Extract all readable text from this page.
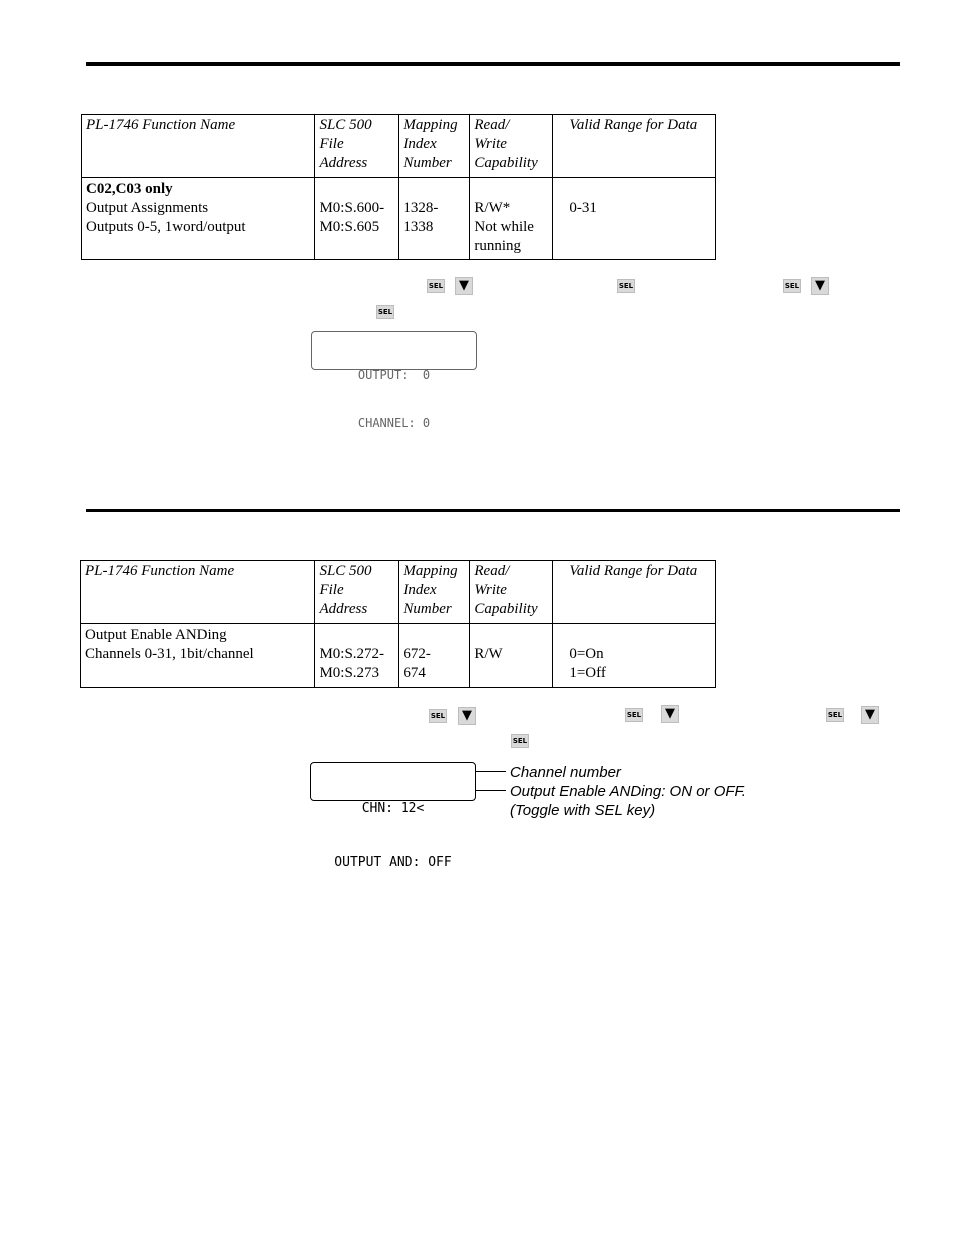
PL-1746 Function Name	SLC 500
File
Address	Mapping
Index
Number	Read/
Write
Capability	Valid Range for Data
C02,C03 only
Output Assignments
Outputs 0-5, 1word/output	M0:S.600-
M0:S.605	1328-
1338	R/W*
Not while
running	0-31
SEL	▼	SEL	SEL	▼
SEL

OUTPUT:  0

CHANNEL: 0

PL-1746 Function Name	SLC 500
File
Address	Mapping
Index
Number	Read/
Write
Capability	Valid Range for Data
Output Enable ANDing
Channels 0-31, 1bit/channel	M0:S.272-
M0:S.273	672-
674	R/W	0=On
1=Off
SEL	▼	SEL	▼	SEL	▼
SEL

CHN: 12<

OUTPUT AND: OFF

Channel number
Output Enable ANDing: ON or OFF.
(Toggle with SEL key)
